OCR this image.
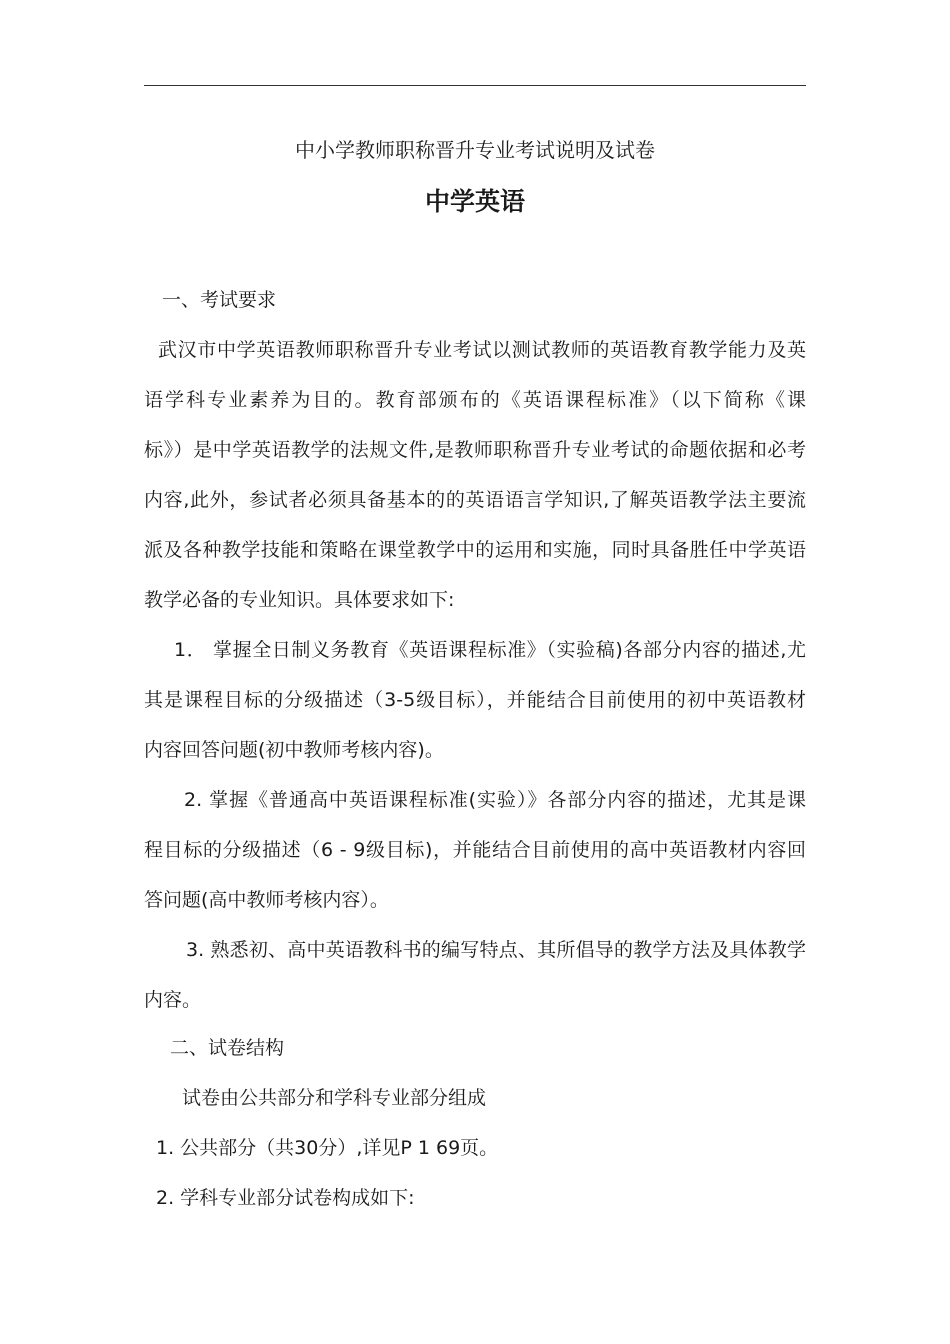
中小学教师职称晋升专业考试说明及试卷
中学英语
一、考试要求
武汉市中学英语教师职称晋升专业考试以测试教师的英语教育教学能力及英
语学科专业素养为目的。教育部颁布的《英语课程标准》（以下简称《课
标》）是中学英语教学的法规文件,是教师职称晋升专业考试的命题依据和必考
内容,此外，参试者必须具备基本的的英语语言学知识,了解英语教学法主要流
派及各种教学技能和策略在课堂教学中的运用和实施，同时具备胜任中学英语
教学必备的专业知识。具体要求如下:
1． 掌握全日制义务教育《英语课程标准》（实验稿)各部分内容的描述,尤
其是课程目标的分级描述（3-5级目标），并能结合目前使用的初中英语教材
内容回答问题(初中教师考核内容)。
2. 掌握《普通高中英语课程标准(实验）》各部分内容的描述，尤其是课
程目标的分级描述（6 - 9级目标)，并能结合目前使用的高中英语教材内容回
答问题(高中教师考核内容）。
3. 熟悉初、高中英语教科书的编写特点、其所倡导的教学方法及具体教学
内容。
二、试卷结构
试卷由公共部分和学科专业部分组成
1. 公共部分（共30分）,详见P 1 69页。
2. 学科专业部分试卷构成如下:
